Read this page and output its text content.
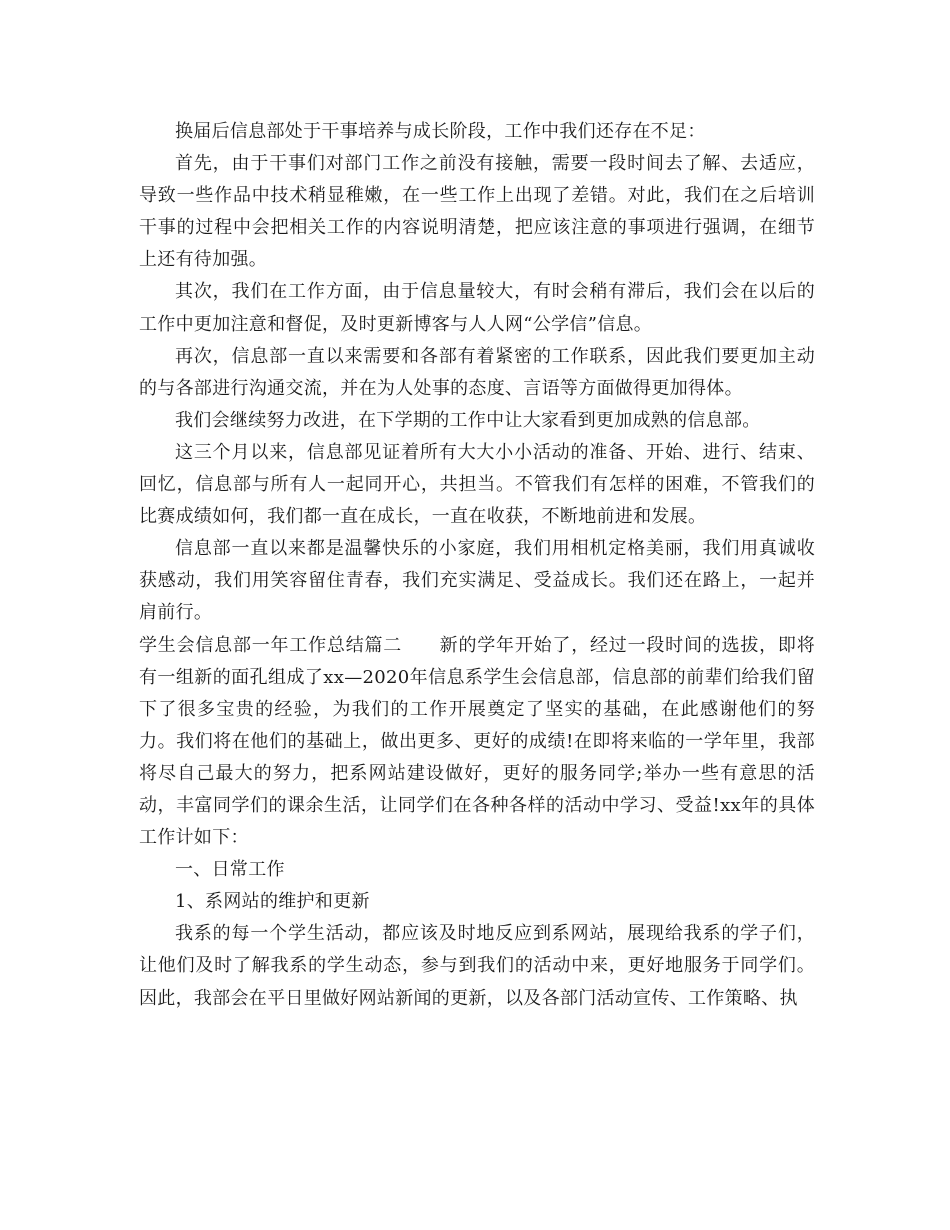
换届后信息部处于干事培养与成长阶段，工作中我们还存在不足：

首先，由于干事们对部门工作之前没有接触，需要一段时间去了解、去适应，导致一些作品中技术稍显稚嫩，在一些工作上出现了差错。对此，我们在之后培训干事的过程中会把相关工作的内容说明清楚，把应该注意的事项进行强调，在细节上还有待加强。

其次，我们在工作方面，由于信息量较大，有时会稍有滞后，我们会在以后的工作中更加注意和督促，及时更新博客与人人网“公学信”信息。

再次，信息部一直以来需要和各部有着紧密的工作联系，因此我们要更加主动的与各部进行沟通交流，并在为人处事的态度、言语等方面做得更加得体。

我们会继续努力改进，在下学期的工作中让大家看到更加成熟的信息部。

这三个月以来，信息部见证着所有大大小小活动的准备、开始、进行、结束、回忆，信息部与所有人一起同开心，共担当。不管我们有怎样的困难，不管我们的比赛成绩如何，我们都一直在成长，一直在收获，不断地前进和发展。

信息部一直以来都是温馨快乐的小家庭，我们用相机定格美丽，我们用真诚收获感动，我们用笑容留住青春，我们充实满足、受益成长。我们还在路上，一起并肩前行。

学生会信息部一年工作总结篇二　　新的学年开始了，经过一段时间的选拔，即将有一组新的面孔组成了xx—2020年信息系学生会信息部，信息部的前辈们给我们留下了很多宝贵的经验，为我们的工作开展奠定了坚实的基础，在此感谢他们的努力。我们将在他们的基础上，做出更多、更好的成绩!在即将来临的一学年里，我部将尽自己最大的努力，把系网站建设做好，更好的服务同学;举办一些有意思的活动，丰富同学们的课余生活，让同学们在各种各样的活动中学习、受益!xx年的具体工作计如下：

一、日常工作

1、系网站的维护和更新

我系的每一个学生活动，都应该及时地反应到系网站，展现给我系的学子们，让他们及时了解我系的学生动态，参与到我们的活动中来，更好地服务于同学们。因此，我部会在平日里做好网站新闻的更新，以及各部门活动宣传、工作策略、执
